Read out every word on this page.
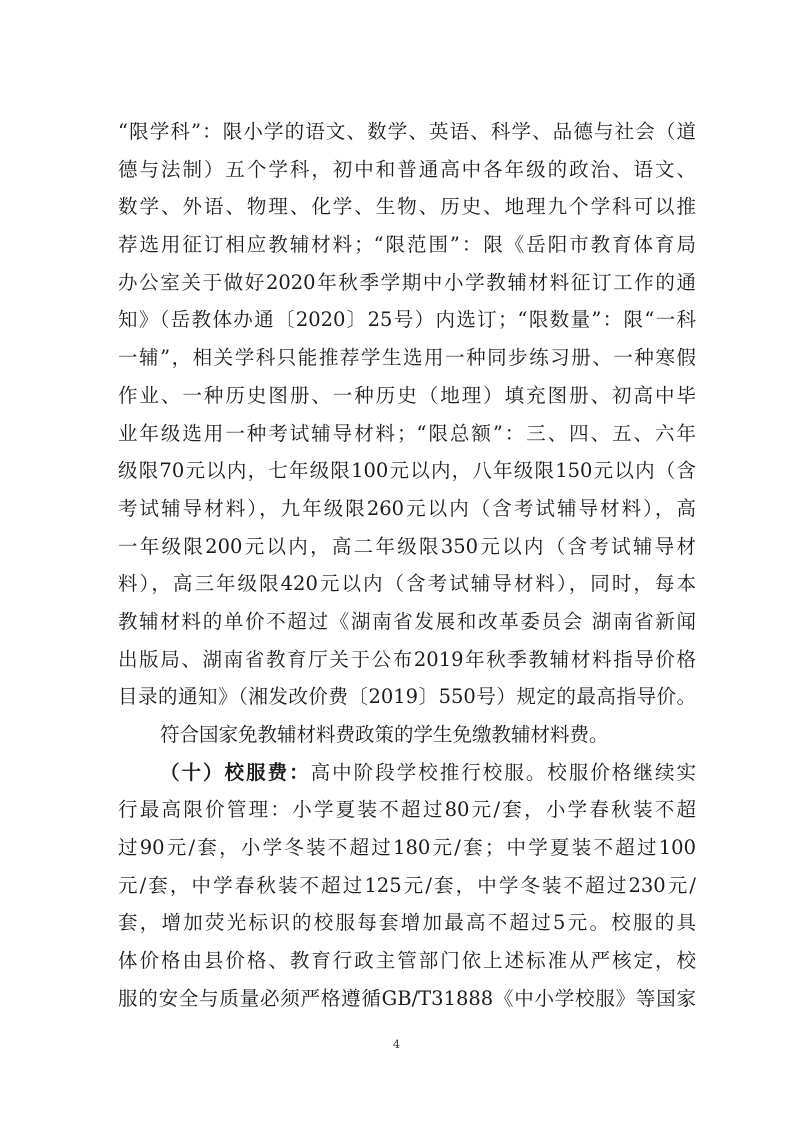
“限学科”：限小学的语文、数学、英语、科学、品德与社会（道
德与法制）五个学科，初中和普通高中各年级的政治、语文、
数学、外语、物理、化学、生物、历史、地理九个学科可以推
荐选用征订相应教辅材料；“限范围”：限《岳阳市教育体育局
办公室关于做好2020年秋季学期中小学教辅材料征订工作的通
知》（岳教体办通〔2020〕25号）内选订；“限数量”：限“一科
一辅”，相关学科只能推荐学生选用一种同步练习册、一种寒假
作业、一种历史图册、一种历史（地理）填充图册、初高中毕
业年级选用一种考试辅导材料；“限总额”：三、四、五、六年
级限70元以内，七年级限100元以内，八年级限150元以内（含
考试辅导材料），九年级限260元以内（含考试辅导材料），高
一年级限200元以内，高二年级限350元以内（含考试辅导材
料），高三年级限420元以内（含考试辅导材料），同时，每本
教辅材料的单价不超过《湖南省发展和改革委员会 湖南省新闻
出版局、湖南省教育厅关于公布2019年秋季教辅材料指导价格
目录的通知》（湘发改价费〔2019〕550号）规定的最高指导价。
符合国家免教辅材料费政策的学生免缴教辅材料费。
（十）校服费：高中阶段学校推行校服。校服价格继续实
行最高限价管理：小学夏装不超过80元/套，小学春秋装不超
过90元/套，小学冬装不超过180元/套；中学夏装不超过100
元/套，中学春秋装不超过125元/套，中学冬装不超过230元/
套，增加荧光标识的校服每套增加最高不超过5元。校服的具
体价格由县价格、教育行政主管部门依上述标准从严核定，校
服的安全与质量必须严格遵循GB/T31888《中小学校服》等国家
4
